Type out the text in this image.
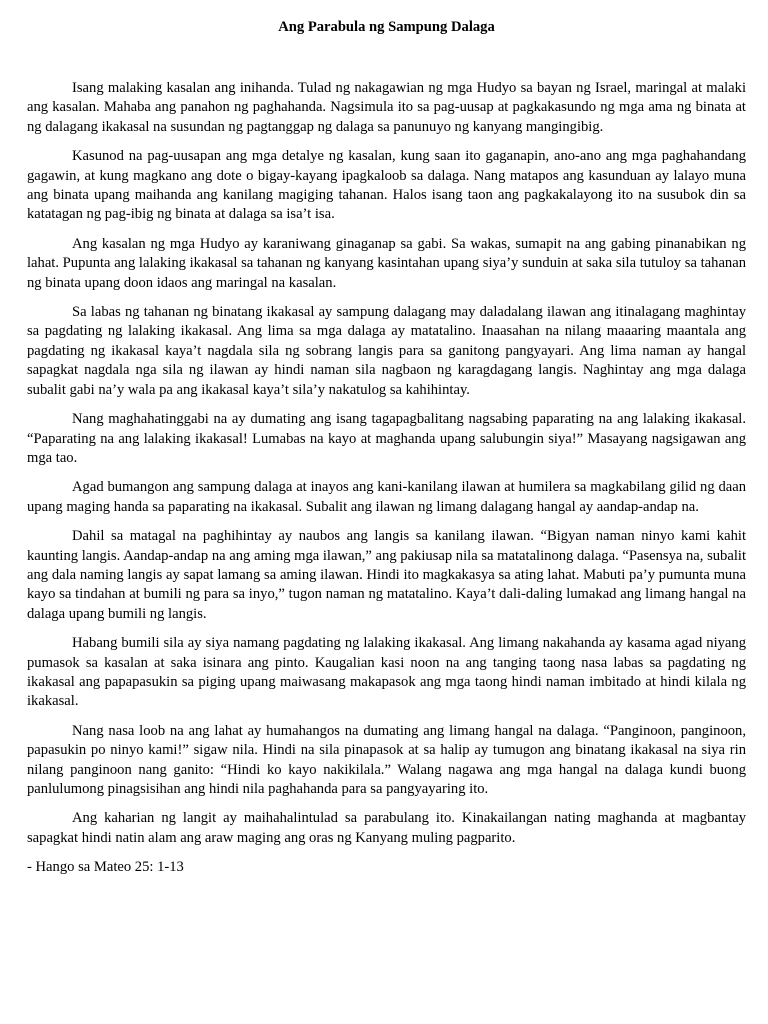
Ang Parabula ng Sampung Dalaga

Isang malaking kasalan ang inihanda. Tulad ng nakagawian ng mga Hudyo sa bayan ng Israel, maringal at malaki ang kasalan. Mahaba ang panahon ng paghahanda. Nagsimula ito sa pag-uusap at pagkakasundo ng mga ama ng binata at ng dalagang ikakasal na susundan ng pagtanggap ng dalaga sa panunuyo ng kanyang mangingibig.

Kasunod na pag-uusapan ang mga detalye ng kasalan, kung saan ito gaganapin, ano-ano ang mga paghahandang gagawin, at kung magkano ang dote o bigay-kayang ipagkaloob sa dalaga. Nang matapos ang kasunduan ay lalayo muna ang binata upang maihanda ang kanilang magiging tahanan. Halos isang taon ang pagkakalayong ito na susubok din sa katatagan ng pag-ibig ng binata at dalaga sa isa’t isa.

Ang kasalan ng mga Hudyo ay karaniwang ginaganap sa gabi. Sa wakas, sumapit na ang gabing pinanabikan ng lahat. Pupunta ang lalaking ikakasal sa tahanan ng kanyang kasintahan upang siya’y sunduin at saka sila tutuloy sa tahanan ng binata upang doon idaos ang maringal na kasalan.

Sa labas ng tahanan ng binatang ikakasal ay sampung dalagang may daladalang ilawan ang itinalagang maghintay sa pagdating ng lalaking ikakasal. Ang lima sa mga dalaga ay matatalino. Inaasahan na nilang maaaring maantala ang pagdating ng ikakasal kaya’t nagdala sila ng sobrang langis para sa ganitong pangyayari. Ang lima naman ay hangal sapagkat nagdala nga sila ng ilawan ay hindi naman sila nagbaon ng karagdagang langis. Naghintay ang mga dalaga subalit gabi na’y wala pa ang ikakasal kaya’t sila’y nakatulog sa kahihintay.

Nang maghahatinggabi na ay dumating ang isang tagapagbalitang nagsabing paparating na ang lalaking ikakasal. “Paparating na ang lalaking ikakasal! Lumabas na kayo at maghanda upang salubungin siya!” Masayang nagsigawan ang mga tao.

Agad bumangon ang sampung dalaga at inayos ang kani-kanilang ilawan at humilera sa magkabilang gilid ng daan upang maging handa sa paparating na ikakasal. Subalit ang ilawan ng limang dalagang hangal ay aandap-andap na.

Dahil sa matagal na paghihintay ay naubos ang langis sa kanilang ilawan. “Bigyan naman ninyo kami kahit kaunting langis. Aandap-andap na ang aming mga ilawan,” ang pakiusap nila sa matatalinong dalaga. “Pasensya na, subalit ang dala naming langis ay sapat lamang sa aming ilawan. Hindi ito magkakasya sa ating lahat. Mabuti pa’y pumunta muna kayo sa tindahan at bumili ng para sa inyo,” tugon naman ng matatalino. Kaya’t dali-daling lumakad ang limang hangal na dalaga upang bumili ng langis.

Habang bumili sila ay siya namang pagdating ng lalaking ikakasal. Ang limang nakahanda ay kasama agad niyang pumasok sa kasalan at saka isinara ang pinto. Kaugalian kasi noon na ang tanging taong nasa labas sa pagdating ng ikakasal ang papapasukin sa piging upang maiwasang makapasok ang mga taong hindi naman imbitado at hindi kilala ng ikakasal.

Nang nasa loob na ang lahat ay humahangos na dumating ang limang hangal na dalaga. “Panginoon, panginoon, papasukin po ninyo kami!” sigaw nila. Hindi na sila pinapasok at sa halip ay tumugon ang binatang ikakasal na siya rin nilang panginoon nang ganito: “Hindi ko kayo nakikilala.” Walang nagawa ang mga hangal na dalaga kundi buong panlulumong pinagsisihan ang hindi nila paghahanda para sa pangyayaring ito.

Ang kaharian ng langit ay maihahalintulad sa parabulang ito. Kinakailangan nating maghanda at magbantay sapagkat hindi natin alam ang araw maging ang oras ng Kanyang muling pagparito.

- Hango sa Mateo 25: 1-13
